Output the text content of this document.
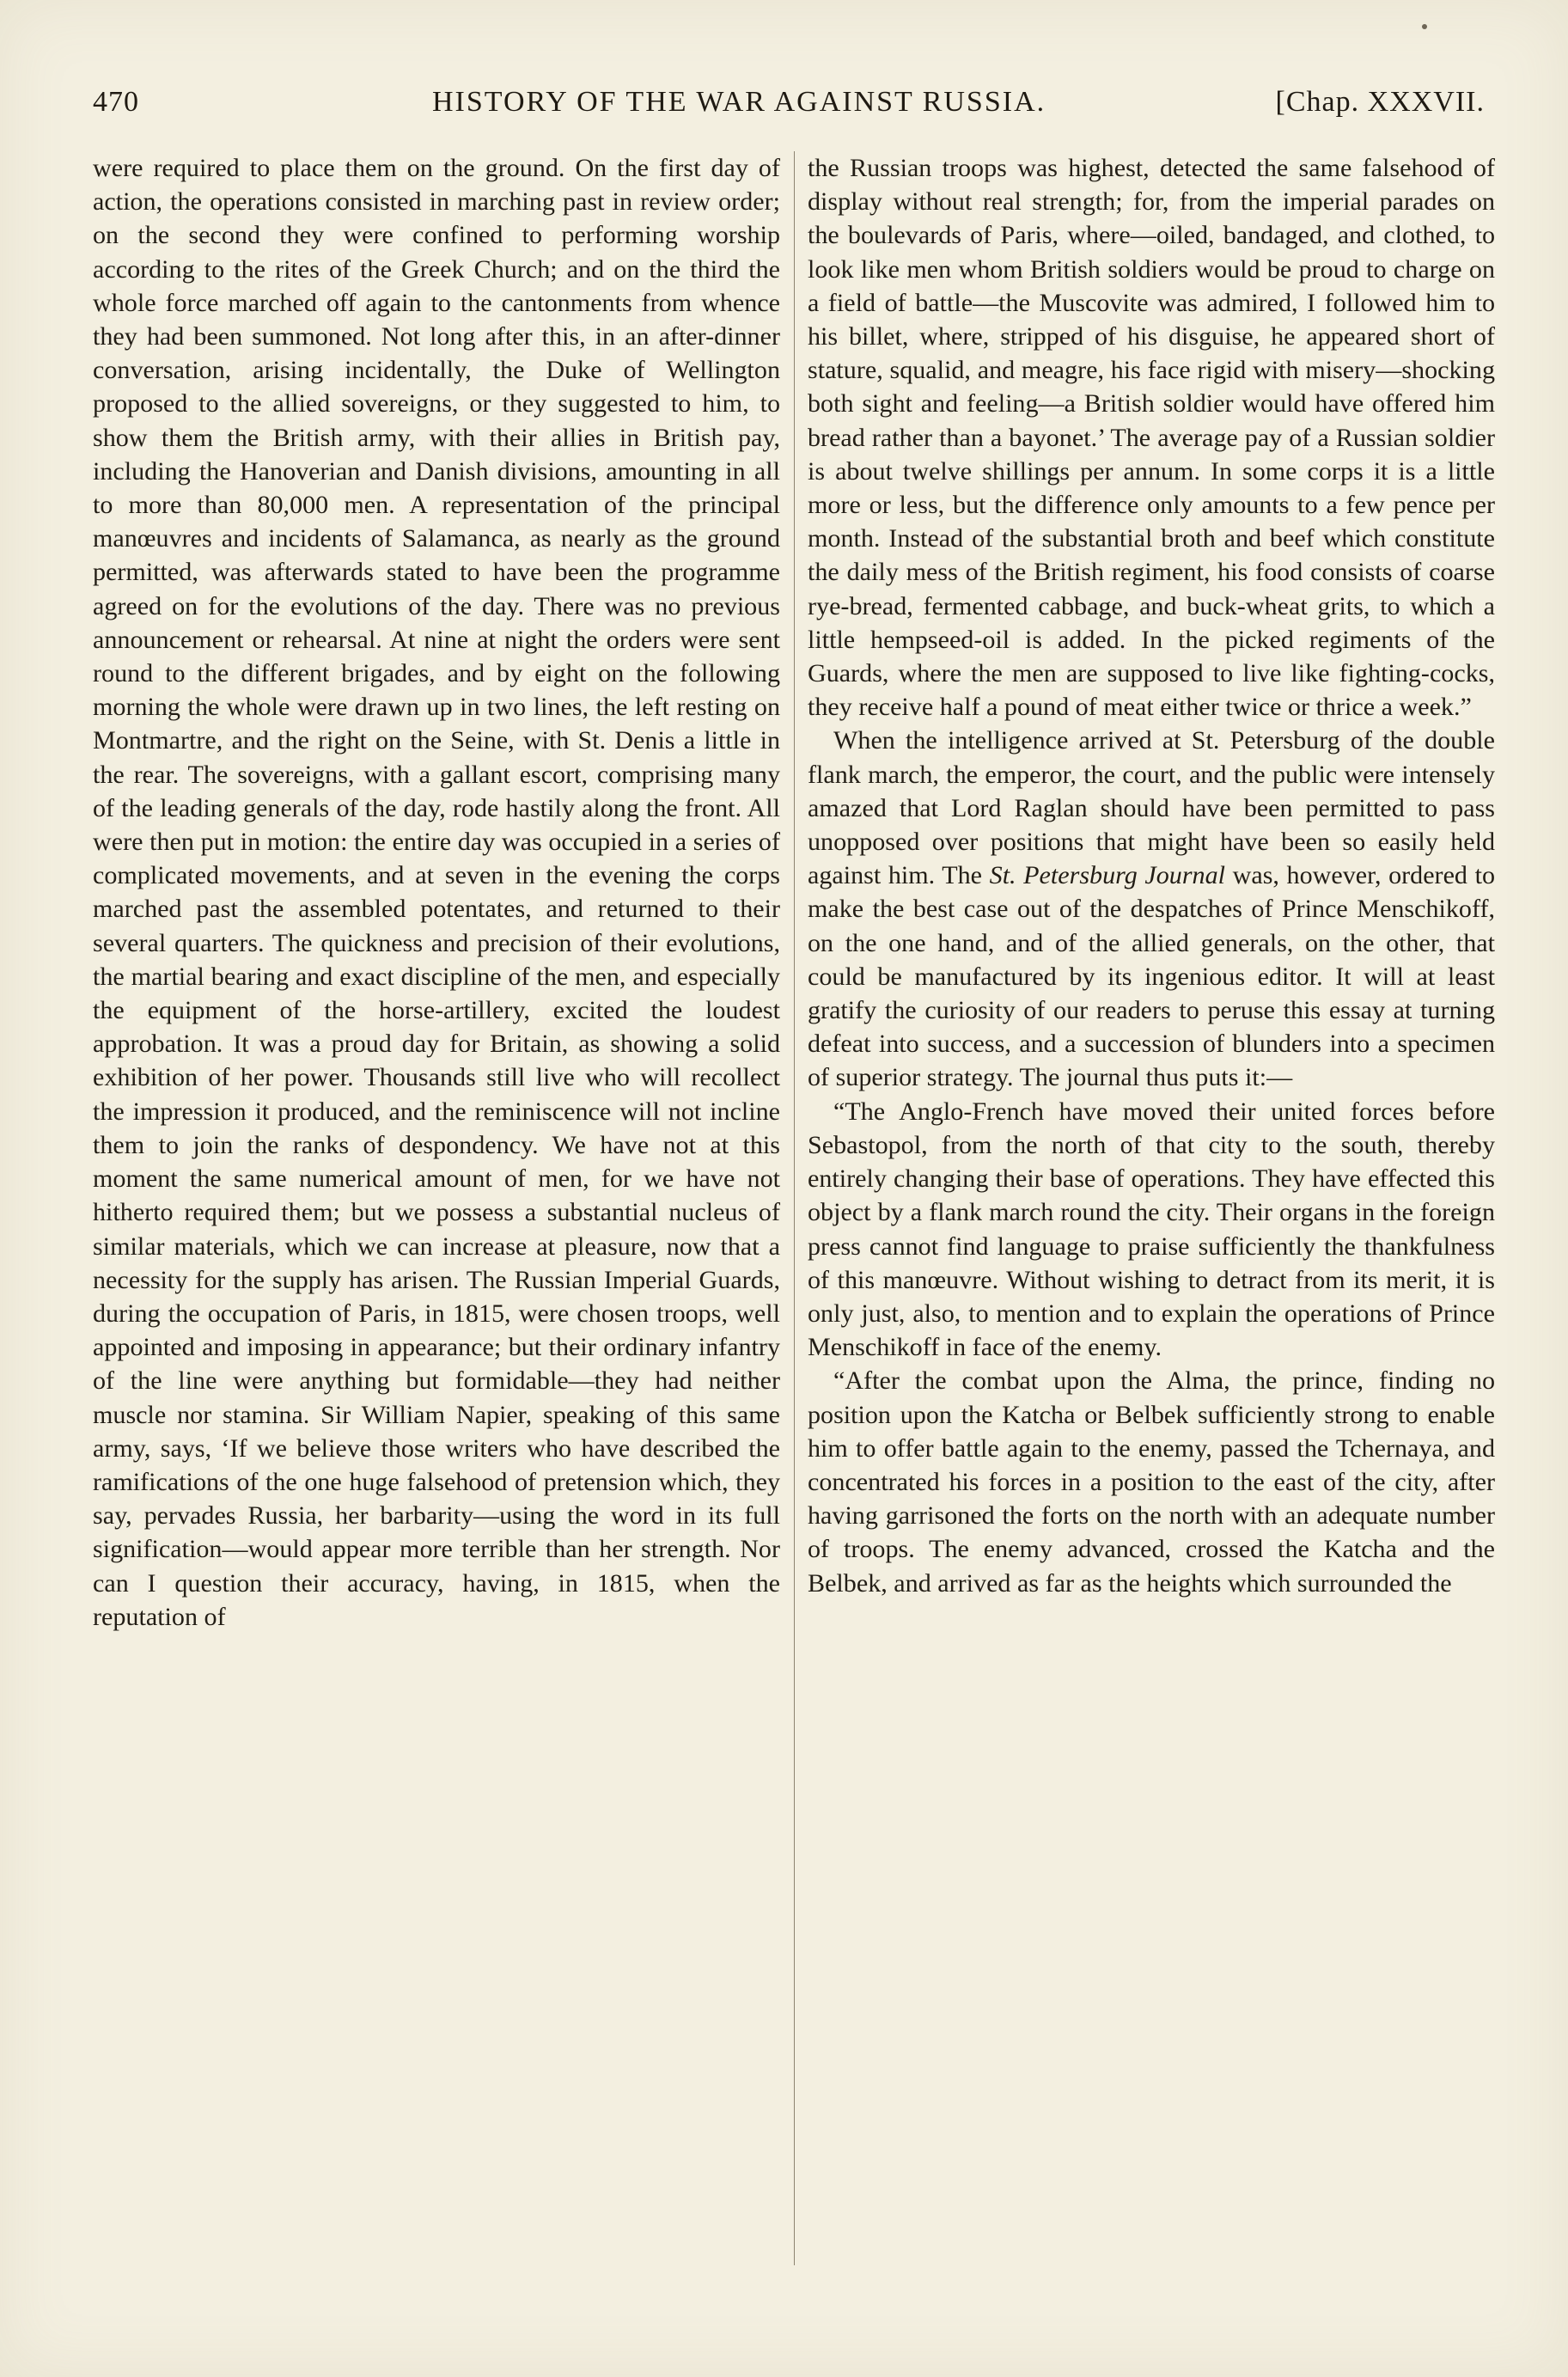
470	HISTORY OF THE WAR AGAINST RUSSIA.	[Chap. XXXVII.

were required to place them on the ground. On the first day of action, the operations consisted in marching past in review order; on the second they were confined to performing worship according to the rites of the Greek Church; and on the third the whole force marched off again to the cantonments from whence they had been summoned. Not long after this, in an after-dinner conversation, arising incidentally, the Duke of Wellington proposed to the allied sovereigns, or they suggested to him, to show them the British army, with their allies in British pay, including the Hanoverian and Danish divisions, amounting in all to more than 80,000 men. A representation of the principal manœuvres and incidents of Salamanca, as nearly as the ground permitted, was afterwards stated to have been the programme agreed on for the evolutions of the day. There was no previous announcement or rehearsal. At nine at night the orders were sent round to the different brigades, and by eight on the following morning the whole were drawn up in two lines, the left resting on Montmartre, and the right on the Seine, with St. Denis a little in the rear. The sovereigns, with a gallant escort, comprising many of the leading generals of the day, rode hastily along the front. All were then put in motion: the entire day was occupied in a series of complicated movements, and at seven in the evening the corps marched past the assembled potentates, and returned to their several quarters. The quickness and precision of their evolutions, the martial bearing and exact discipline of the men, and especially the equipment of the horse-artillery, excited the loudest approbation. It was a proud day for Britain, as showing a solid exhibition of her power. Thousands still live who will recollect the impression it produced, and the reminiscence will not incline them to join the ranks of despondency. We have not at this moment the same numerical amount of men, for we have not hitherto required them; but we possess a substantial nucleus of similar materials, which we can increase at pleasure, now that a necessity for the supply has arisen. The Russian Imperial Guards, during the occupation of Paris, in 1815, were chosen troops, well appointed and imposing in appearance; but their ordinary infantry of the line were anything but formidable—they had neither muscle nor stamina. Sir William Napier, speaking of this same army, says, ‘If we believe those writers who have described the ramifications of the one huge falsehood of pretension which, they say, pervades Russia, her barbarity—using the word in its full signification—would appear more terrible than her strength. Nor can I question their accuracy, having, in 1815, when the reputation of

the Russian troops was highest, detected the same falsehood of display without real strength; for, from the imperial parades on the boulevards of Paris, where—oiled, bandaged, and clothed, to look like men whom British soldiers would be proud to charge on a field of battle—the Muscovite was admired, I followed him to his billet, where, stripped of his disguise, he appeared short of stature, squalid, and meagre, his face rigid with misery—shocking both sight and feeling—a British soldier would have offered him bread rather than a bayonet.’ The average pay of a Russian soldier is about twelve shillings per annum. In some corps it is a little more or less, but the difference only amounts to a few pence per month. Instead of the substantial broth and beef which constitute the daily mess of the British regiment, his food consists of coarse rye-bread, fermented cabbage, and buck-wheat grits, to which a little hempseed-oil is added. In the picked regiments of the Guards, where the men are supposed to live like fighting-cocks, they receive half a pound of meat either twice or thrice a week.”

When the intelligence arrived at St. Petersburg of the double flank march, the emperor, the court, and the public were intensely amazed that Lord Raglan should have been permitted to pass unopposed over positions that might have been so easily held against him. The St. Petersburg Journal was, however, ordered to make the best case out of the despatches of Prince Menschikoff, on the one hand, and of the allied generals, on the other, that could be manufactured by its ingenious editor. It will at least gratify the curiosity of our readers to peruse this essay at turning defeat into success, and a succession of blunders into a specimen of superior strategy. The journal thus puts it:—

“The Anglo-French have moved their united forces before Sebastopol, from the north of that city to the south, thereby entirely changing their base of operations. They have effected this object by a flank march round the city. Their organs in the foreign press cannot find language to praise sufficiently the thankfulness of this manœuvre. Without wishing to detract from its merit, it is only just, also, to mention and to explain the operations of Prince Menschikoff in face of the enemy.

“After the combat upon the Alma, the prince, finding no position upon the Katcha or Belbek sufficiently strong to enable him to offer battle again to the enemy, passed the Tchernaya, and concentrated his forces in a position to the east of the city, after having garrisoned the forts on the north with an adequate number of troops. The enemy advanced, crossed the Katcha and the Belbek, and arrived as far as the heights which surrounded the
